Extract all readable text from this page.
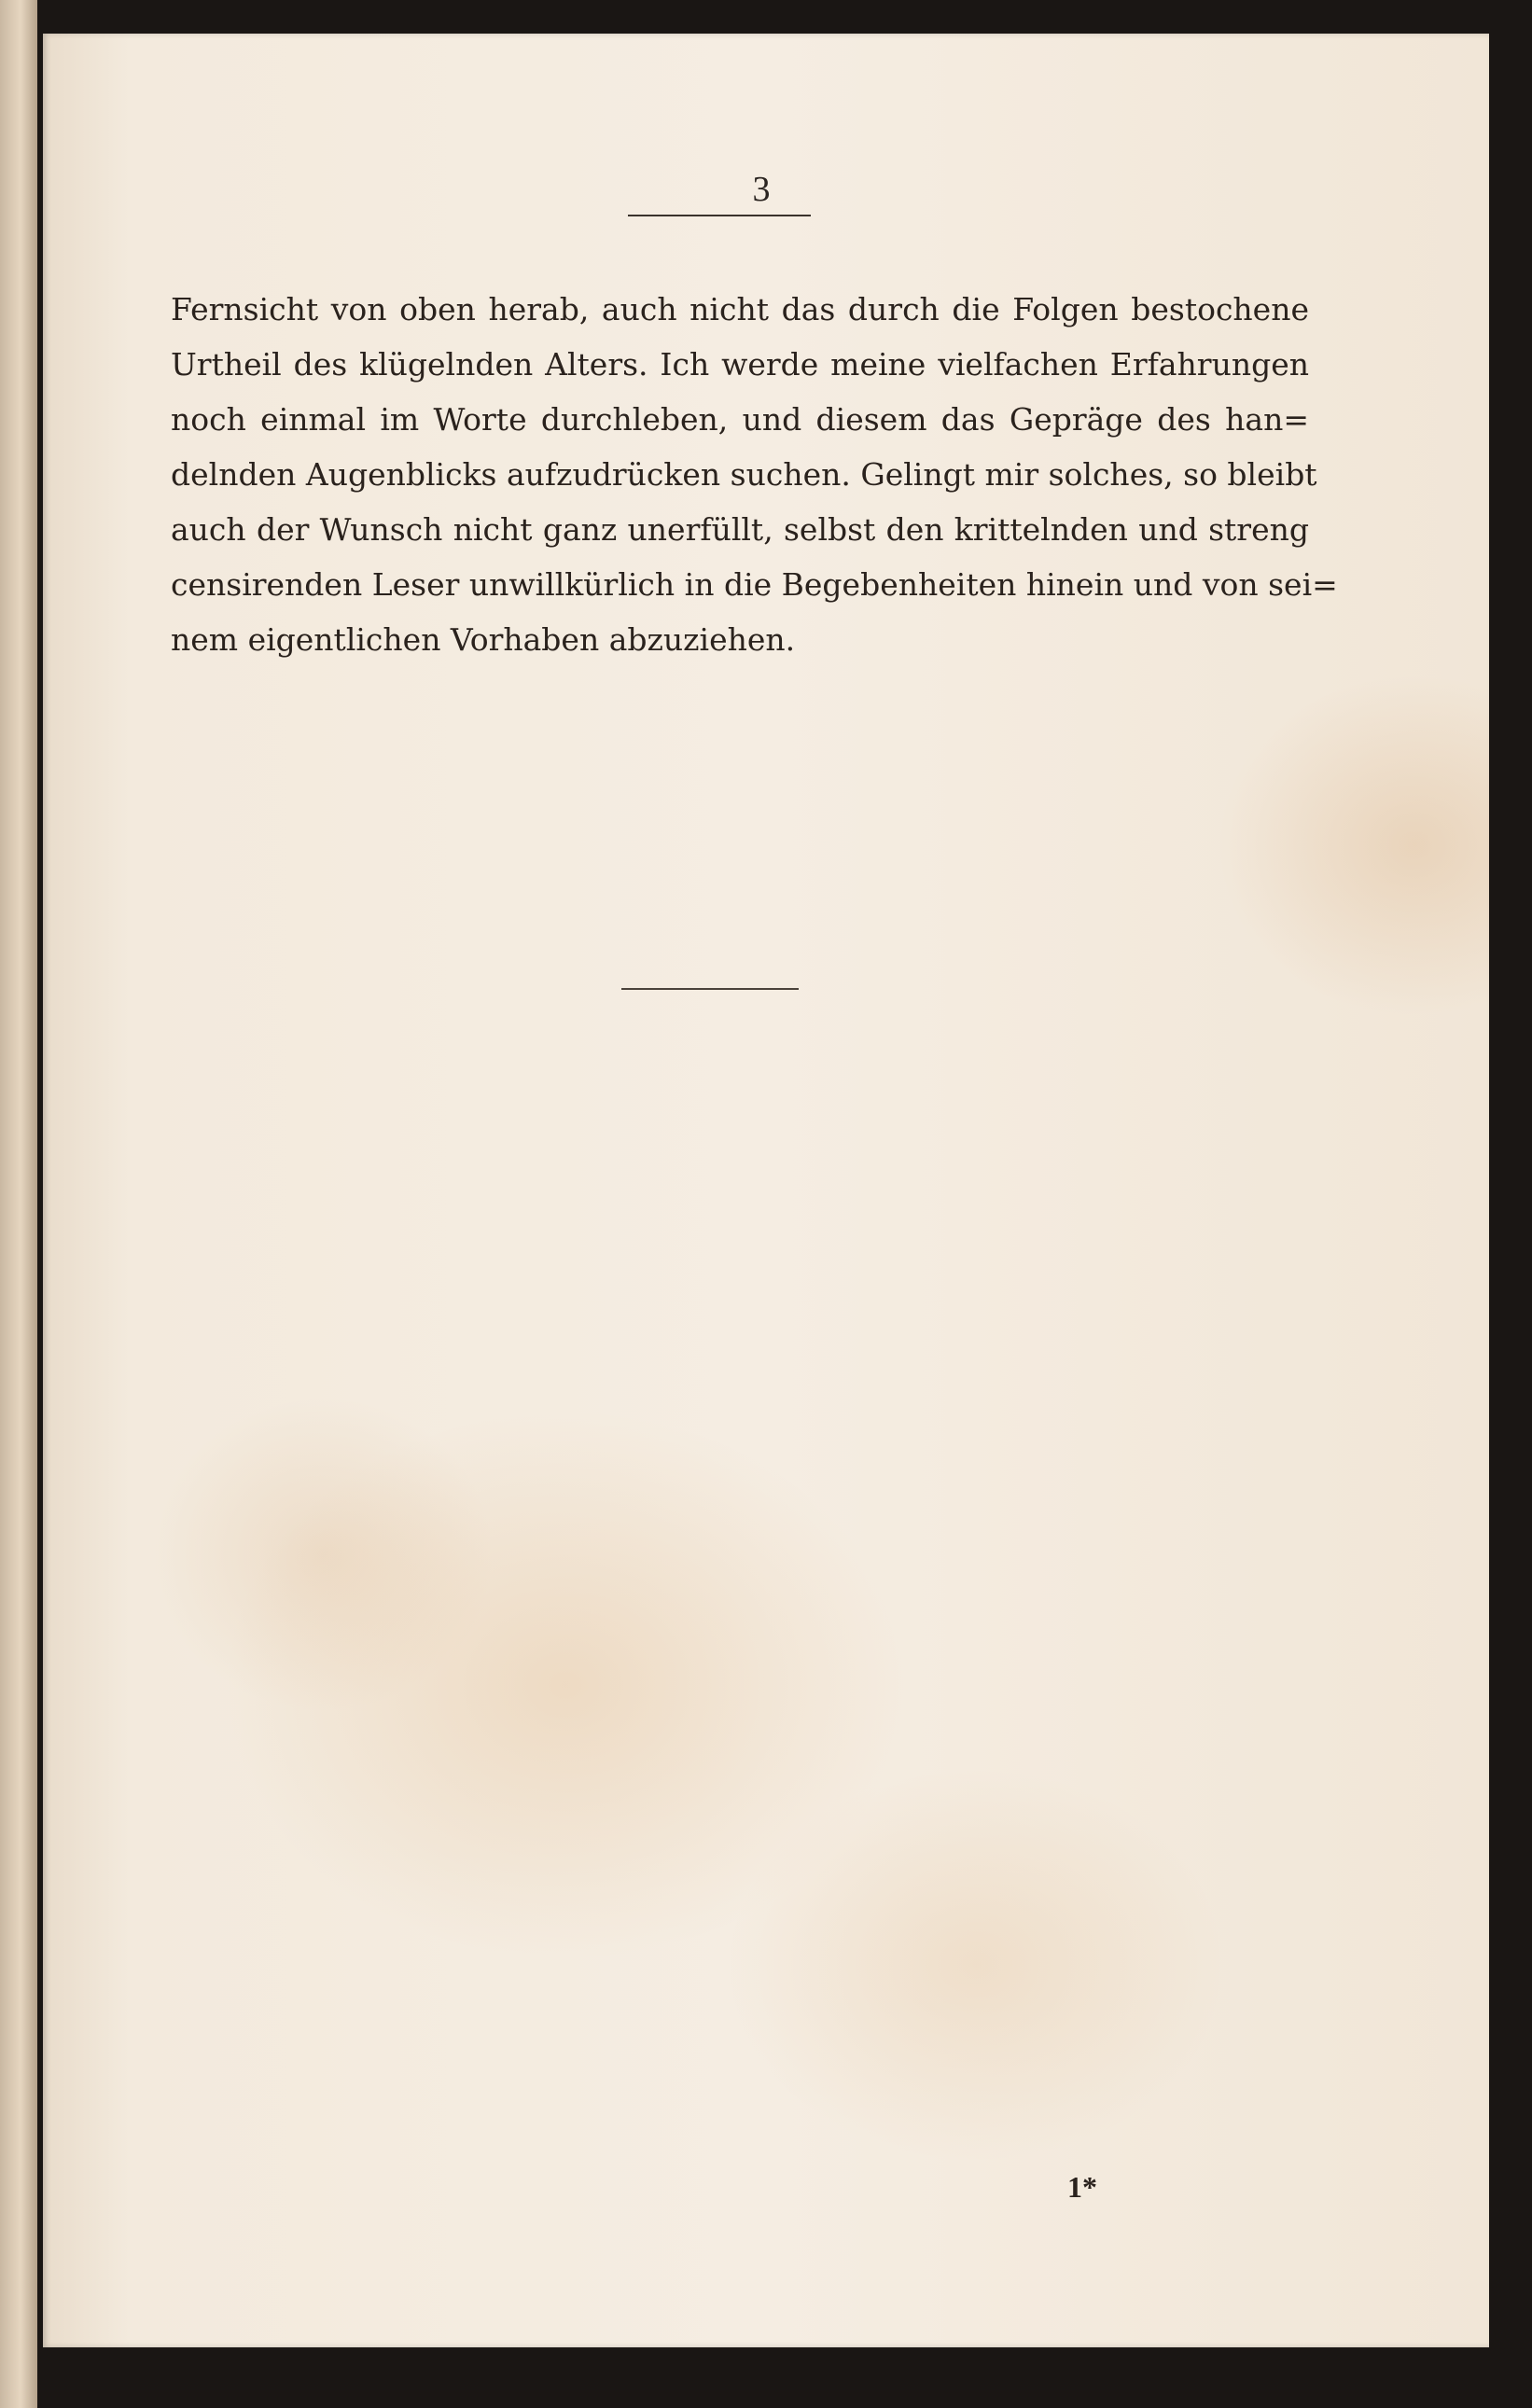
3

Fernsicht von oben herab, auch nicht das durch die Folgen bestochene
Urtheil des klügelnden Alters. Ich werde meine vielfachen Erfahrungen
noch einmal im Worte durchleben, und diesem das Gepräge des han=
delnden Augenblicks aufzudrücken suchen. Gelingt mir solches, so bleibt
auch der Wunsch nicht ganz unerfüllt, selbst den krittelnden und streng
censirenden Leser unwillkürlich in die Begebenheiten hinein und von sei=
nem eigentlichen Vorhaben abzuziehen.

1*
